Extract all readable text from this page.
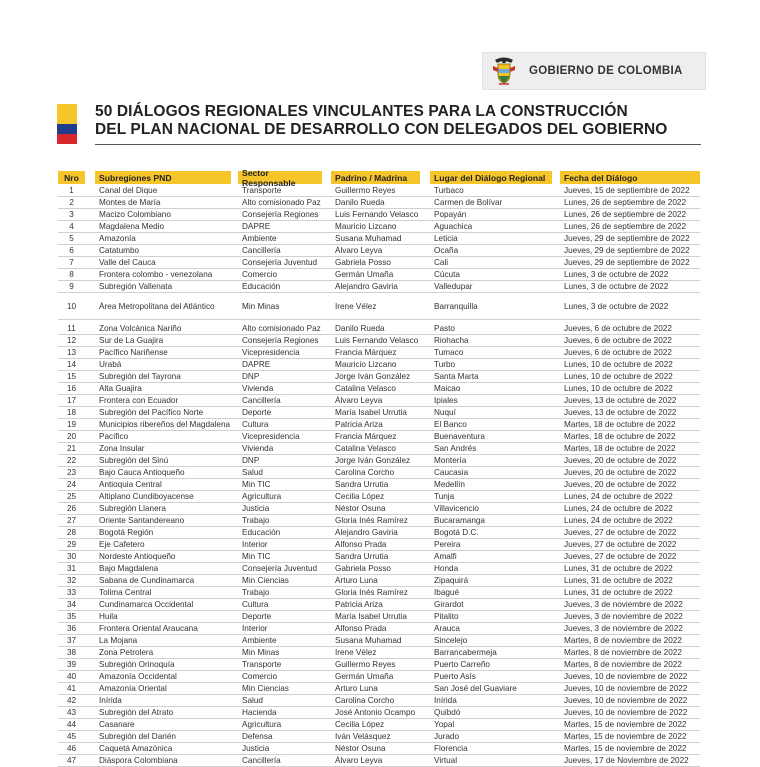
GOBIERNO DE COLOMBIA
50 DIÁLOGOS REGIONALES VINCULANTES PARA LA CONSTRUCCIÓN
DEL PLAN NACIONAL DE DESARROLLO CON DELEGADOS DEL GOBIERNO
Nro	Subregiones PND	Sector Responsable	Padrino / Madrina	Lugar del Diálogo Regional	Fecha del Diálogo
1	Canal del Dique	Transporte	Guillermo Reyes	Turbaco	Jueves, 15 de septiembre de 2022
2	Montes de María	Alto comisionado Paz	Danilo Rueda	Carmen de Bolívar	Lunes, 26 de septiembre de 2022
3	Macizo Colombiano	Consejería Regiones	Luis Fernando Velasco	Popayán	Lunes, 26 de septiembre de 2022
4	Magdalena Medio	DAPRE	Mauricio Lizcano	Aguachica	Lunes, 26 de septiembre de 2022
5	Amazonía	Ambiente	Susana Muhamad	Leticia	Jueves, 29 de septiembre de 2022
6	Catatumbo	Cancillería	Álvaro Leyva	Ocaña	Jueves, 29 de septiembre de 2022
7	Valle del Cauca	Consejería Juventud	Gabriela Posso	Cali	Jueves, 29 de septiembre de 2022
8	Frontera colombo - venezolana	Comercio	Germán Umaña	Cúcuta	Lunes, 3 de octubre de 2022
9	Subregión Vallenata	Educación	Alejandro Gaviria	Valledupar	Lunes, 3 de octubre de 2022
10	Área Metropolitana del Atlántico	Min Minas	Irene Vélez	Barranquilla	Lunes, 3 de octubre de 2022
11	Zona Volcánica Nariño	Alto comisionado Paz	Danilo Rueda	Pasto	Jueves, 6 de octubre de 2022
12	Sur de La Guajira	Consejería Regiones	Luis Fernando Velasco	Riohacha	Jueves, 6 de octubre de 2022
13	Pacífico Nariñense	Vicepresidencia	Francia Márquez	Tumaco	Jueves, 6 de octubre de 2022
14	Urabá	DAPRE	Mauricio Lizcano	Turbo	Lunes, 10 de octubre de 2022
15	Subregión del Tayrona	DNP	Jorge Iván González	Santa Marta	Lunes, 10 de octubre de 2022
16	Alta Guajira	Vivienda	Catalina Velasco	Maicao	Lunes, 10 de octubre de 2022
17	Frontera con Ecuador	Cancillería	Álvaro Leyva	Ipiales	Jueves, 13 de octubre de 2022
18	Subregión del Pacífico Norte	Deporte	María Isabel Urrutia	Nuquí	Jueves, 13 de octubre de 2022
19	Municipios ribereños del Magdalena	Cultura	Patricia Ariza	El Banco	Martes, 18 de octubre de 2022
20	Pacífico	Vicepresidencia	Francia Márquez	Buenaventura	Martes, 18 de octubre de 2022
21	Zona Insular	Vivienda	Catalina Velasco	San Andrés	Martes, 18 de octubre de 2022
22	Subregión del Sinú	DNP	Jorge Iván González	Montería	Jueves, 20 de octubre de 2022
23	Bajo Cauca Antioqueño	Salud	Carolina Corcho	Caucasia	Jueves, 20 de octubre de 2022
24	Antioquia Central	Min TIC	Sandra Urrutia	Medellín	Jueves, 20 de octubre de 2022
25	Altiplano Cundiboyacense	Agricultura	Cecilia López	Tunja	Lunes, 24 de octubre de 2022
26	Subregión Llanera	Justicia	Néstor Osuna	Villavicencio	Lunes, 24 de octubre de 2022
27	Oriente Santandereano	Trabajo	Gloria Inés Ramírez	Bucaramanga	Lunes, 24 de octubre de 2022
28	Bogotá Región	Educación	Alejandro Gaviria	Bogotá D.C.	Jueves, 27 de octubre de 2022
29	Eje Cafetero	Interior	Alfonso Prada	Pereira	Jueves, 27 de octubre de 2022
30	Nordeste Antioqueño	Min TIC	Sandra Urrutia	Amalfi	Jueves, 27 de octubre de 2022
31	Bajo Magdalena	Consejería Juventud	Gabriela Posso	Honda	Lunes, 31 de octubre de 2022
32	Sabana de Cundinamarca	Min Ciencias	Arturo Luna	Zipaquirá	Lunes, 31 de octubre de 2022
33	Tolima Central	Trabajo	Gloria Inés Ramírez	Ibagué	Lunes, 31 de octubre de 2022
34	Cundinamarca Occidental	Cultura	Patricia Ariza	Girardot	Jueves, 3 de noviembre de 2022
35	Huila	Deporte	María Isabel Urrutia	Pitalito	Jueves, 3 de noviembre de 2022
36	Frontera Oriental Araucana	Interior	Alfonso Prada	Arauca	Jueves, 3 de noviembre de 2022
37	La Mojana	Ambiente	Susana Muhamad	Sincelejo	Martes, 8 de noviembre de 2022
38	Zona Petrolera	Min Minas	Irene Vélez	Barrancabermeja	Martes, 8 de noviembre de 2022
39	Subregión Orinoquía	Transporte	Guillermo Reyes	Puerto Carreño	Martes, 8 de noviembre de 2022
40	Amazonía Occidental	Comercio	Germán Umaña	Puerto Asís	Jueves, 10 de noviembre de 2022
41	Amazonía Oriental	Min Ciencias	Arturo Luna	San José del Guaviare	Jueves, 10 de noviembre de 2022
42	Inírida	Salud	Carolina Corcho	Inírida	Jueves, 10 de noviembre de 2022
43	Subregión del Atrato	Hacienda	José Antonio Ocampo	Quibdó	Jueves, 10 de noviembre de 2022
44	Casanare	Agricultura	Cecilia López	Yopal	Martes, 15 de noviembre de 2022
45	Subregión del Darién	Defensa	Iván Velásquez	Jurado	Martes, 15 de noviembre de 2022
46	Caquetá Amazónica	Justicia	Néstor Osuna	Florencia	Martes, 15 de noviembre de 2022
47	Diáspora Colombiana	Cancillería	Álvaro Leyva	Virtual	Jueves, 17 de Noviembre de 2022
